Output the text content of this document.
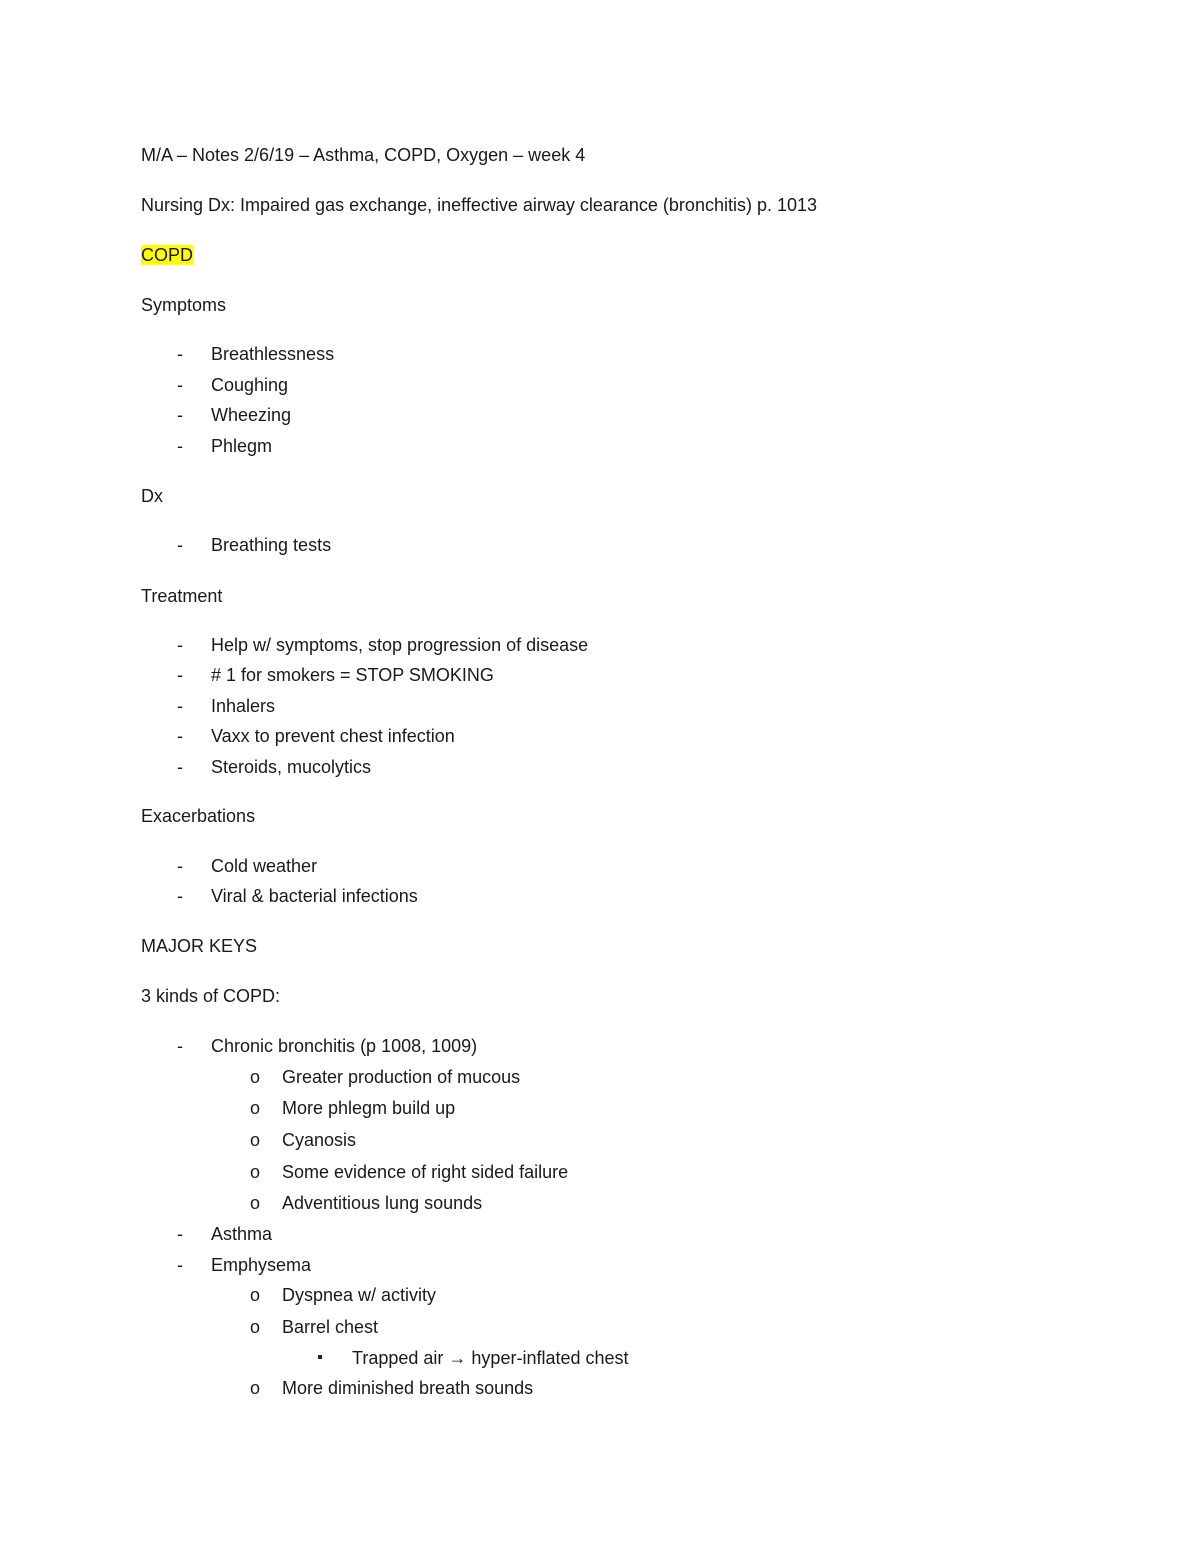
M/A – Notes 2/6/19 – Asthma, COPD, Oxygen – week 4
Nursing Dx: Impaired gas exchange, ineffective airway clearance (bronchitis) p. 1013
COPD
Symptoms
-	Breathlessness
-	Coughing
-	Wheezing
-	Phlegm
Dx
-	Breathing tests
Treatment
-	Help w/ symptoms, stop progression of disease
-	# 1 for smokers = STOP SMOKING
-	Inhalers
-	Vaxx to prevent chest infection
-	Steroids, mucolytics
Exacerbations
-	Cold weather
-	Viral & bacterial infections
MAJOR KEYS
3 kinds of COPD:
-	Chronic bronchitis (p 1008, 1009)
o Greater production of mucous
o More phlegm build up
o Cyanosis
o Some evidence of right sided failure
o Adventitious lung sounds
-	Asthma
-	Emphysema
o Dyspnea w/ activity
o Barrel chest
▪	Trapped air → hyper-inflated chest
o More diminished breath sounds
